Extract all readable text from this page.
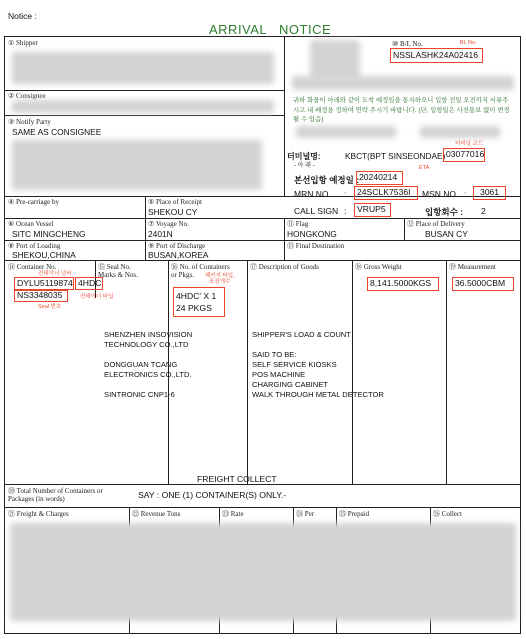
Notice :
ARRIVAL   NOTICE
① Shipper
② Consignee
③ Notify Party
SAME AS CONSIGNEE
BL No.
⑩ B/L No.
NSSLASHK24A02416
귀하 화물이 아래와 같이 도착 예정임을 통지하오니 입항 전일 오전까지 서류주시고 내 배정을 정하여 연락 주시기 바랍니다. (단, 입항일은 사전통보 없이 변경될 수 있음)
터미널 코드
터미널명:
- 아 래 -
KBCT(BPT SINSEONDAE) 03077016
ETA
본선입항 예정일 : 20240214
MRN NO :	24SCLK7536I	MSN NO :	3061
CALL SIGN :	VRUP5	입항회수 : 2
④ Pre-carriage by	⑤ Place of Receipt
SHEKOU CY
⑥ Ocean Vessel
SITC MINGCHENG
⑦ Voyage No.
2401N
⑪ Flag
HONGKONG
⑫ Place of Delivery
BUSAN CY
⑧ Port of Loading
SHEKOU,CHINA
⑨ Port of Discharge
BUSAN,KOREA
⑬ Final Destination
⑭ Container No.	⑮ Seal No.
Marks & Nos.
⑯ No. of Containers
or Pkgs.
⑰ Description of Goods	⑱ Gross Weight	⑲ Measurement
DYLU5119874 4HDC
컨테이너 넘버
NS3348035	컨테이너 타입
Seal 번호
패키지 타입,
포장개수
4HDC' X 1
24 PKGS
8,141.5000KGS	36.5000CBM
SHENZHEN INSOVISION
TECHNOLOGY CO.,LTD

DONGGUAN TCANG
ELECTRONICS CO.,LTD.

SINTRONIC CNP1-6
SHIPPER'S LOAD & COUNT

SAID TO BE:
SELF SERVICE KIOSKS
POS MACHINE
CHARGING CABINET
WALK THROUGH METAL DETECTOR
FREIGHT COLLECT
⑳ Total Number of Containers or
Packages (in words)	SAY : ONE (1) CONTAINER(S) ONLY.-
㉑ Freight & Charges	㉒ Revenue Tons	㉓ Rate	㉔ Per	㉕ Prepaid	㉖ Collect
